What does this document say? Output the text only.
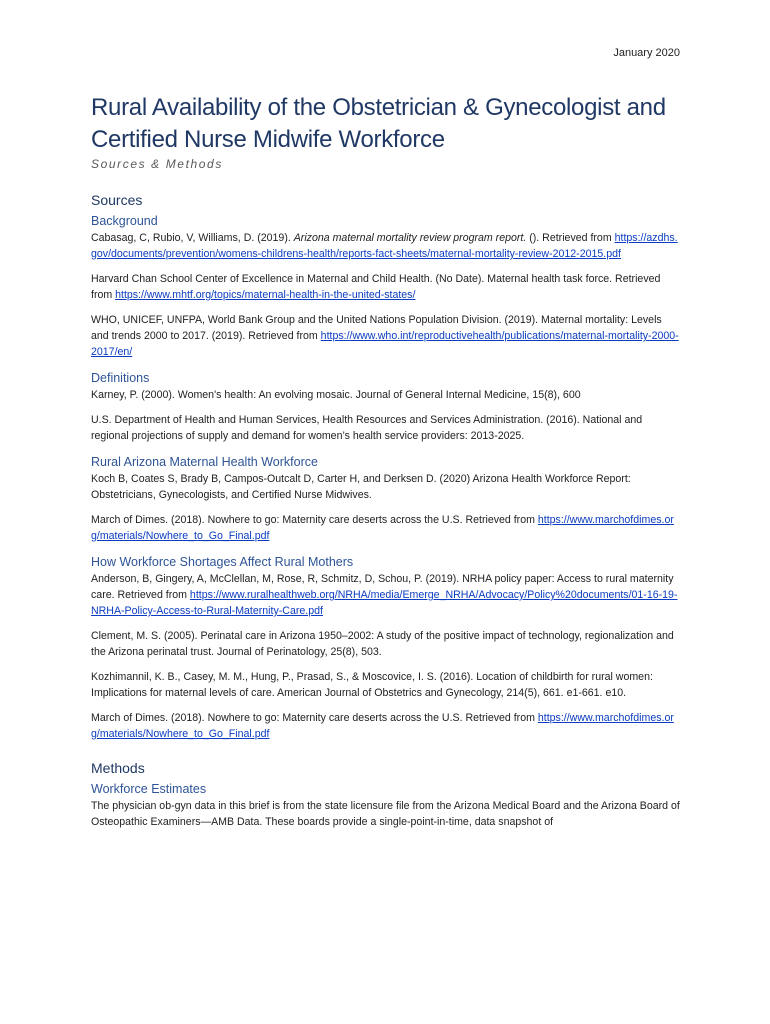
January 2020
Rural Availability of the Obstetrician & Gynecologist and Certified Nurse Midwife Workforce

Sources & Methods

Sources
Background

Cabasag, C, Rubio, V, Williams, D. (2019). Arizona maternal mortality review program report. (). Retrieved from https://azdhs.gov/documents/prevention/womens-childrens-health/reports-fact-sheets/maternal-mortality-review-2012-2015.pdf

Harvard Chan School Center of Excellence in Maternal and Child Health. (No Date). Maternal health task force. Retrieved from https://www.mhtf.org/topics/maternal-health-in-the-united-states/

WHO, UNICEF, UNFPA, World Bank Group and the United Nations Population Division. (2019). Maternal mortality: Levels and trends 2000 to 2017. (2019). Retrieved from https://www.who.int/reproductivehealth/publications/maternal-mortality-2000-2017/en/

Definitions

Karney, P. (2000). Women's health: An evolving mosaic. Journal of General Internal Medicine, 15(8), 600

U.S. Department of Health and Human Services, Health Resources and Services Administration. (2016). National and regional projections of supply and demand for women’s health service providers: 2013-2025.

Rural Arizona Maternal Health Workforce

Koch B, Coates S, Brady B, Campos-Outcalt D, Carter H, and Derksen D. (2020) Arizona Health Workforce Report: Obstetricians, Gynecologists, and Certified Nurse Midwives.

March of Dimes. (2018). Nowhere to go: Maternity care deserts across the U.S. Retrieved from https://www.marchofdimes.org/materials/Nowhere_to_Go_Final.pdf

How Workforce Shortages Affect Rural Mothers

Anderson, B, Gingery, A, McClellan, M, Rose, R, Schmitz, D, Schou, P. (2019). NRHA policy paper: Access to rural maternity care. Retrieved from https://www.ruralhealthweb.org/NRHA/media/Emerge_NRHA/Advocacy/Policy%20documents/01-16-19-NRHA-Policy-Access-to-Rural-Maternity-Care.pdf

Clement, M. S. (2005). Perinatal care in Arizona 1950–2002: A study of the positive impact of technology, regionalization and the Arizona perinatal trust. Journal of Perinatology, 25(8), 503.

Kozhimannil, K. B., Casey, M. M., Hung, P., Prasad, S., & Moscovice, I. S. (2016). Location of childbirth for rural women: Implications for maternal levels of care. American Journal of Obstetrics and Gynecology, 214(5), 661. e1-661. e10.

March of Dimes. (2018). Nowhere to go: Maternity care deserts across the U.S. Retrieved from https://www.marchofdimes.org/materials/Nowhere_to_Go_Final.pdf

Methods
Workforce Estimates

The physician ob-gyn data in this brief is from the state licensure file from the Arizona Medical Board and the Arizona Board of Osteopathic Examiners—AMB Data. These boards provide a single-point-in-time, data snapshot of
